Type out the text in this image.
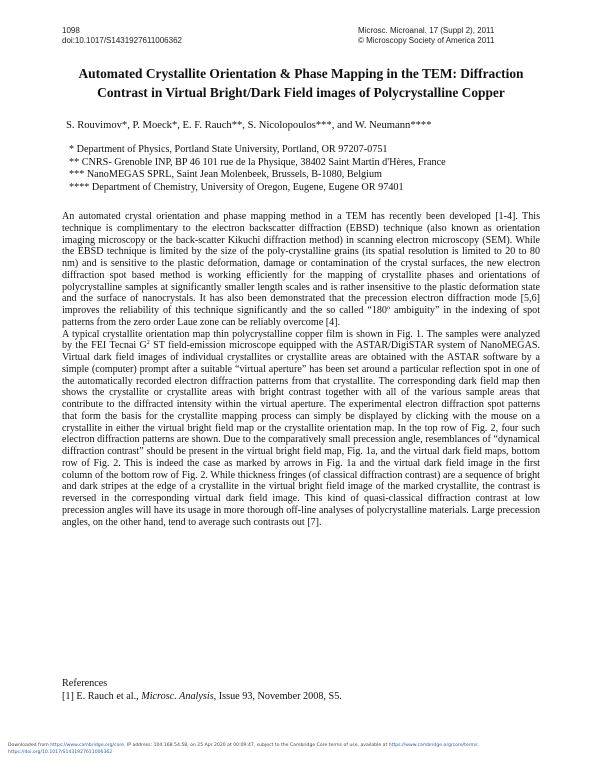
1098
doi:10.1017/S1431927611006362
Microsc. Microanal. 17 (Suppl 2), 2011
© Microscopy Society of America 2011
Automated Crystallite Orientation & Phase Mapping in the TEM: Diffraction
Contrast in Virtual Bright/Dark Field images of Polycrystalline Copper
S. Rouvimov*, P. Moeck*, E. F. Rauch**, S. Nicolopoulos***, and W. Neumann****
* Department of Physics, Portland State University, Portland, OR 97207-0751
** CNRS- Grenoble INP, BP 46 101 rue de la Physique, 38402 Saint Martin d'Hères, France
*** NanoMEGAS SPRL, Saint Jean Molenbeek, Brussels, B-1080, Belgium
**** Department of Chemistry, University of Oregon, Eugene, Eugene OR 97401

An automated crystal orientation and phase mapping method in a TEM has recently been developed [1-4]. This technique is complimentary to the electron backscatter diffraction (EBSD) technique (also known as orientation imaging microscopy or the back-scatter Kikuchi diffraction method) in scanning electron microscopy (SEM). While the EBSD technique is limited by the size of the poly-crystalline grains (its spatial resolution is limited to 20 to 80 nm) and is sensitive to the plastic deformation, damage or contamination of the crystal surfaces, the new electron diffraction spot based method is working efficiently for the mapping of crystallite phases and orientations of polycrystalline samples at significantly smaller length scales and is rather insensitive to the plastic deformation state and the surface of nanocrystals. It has also been demonstrated that the precession electron diffraction mode [5,6] improves the reliability of this technique significantly and the so called “180º ambiguity” in the indexing of spot patterns from the zero order Laue zone can be reliably overcome [4].

A typical crystallite orientation map thin polycrystalline copper film is shown in Fig. 1. The samples were analyzed by the FEI Tecnai $G^2$ ST field-emission microscope equipped with the ASTAR/DigiSTAR system of NanoMEGAS. Virtual dark field images of individual crystallites or crystallite areas are obtained with the ASTAR software by a simple (computer) prompt after a suitable “virtual aperture” has been set around a particular reflection spot in one of the automatically recorded electron diffraction patterns from that crystallite. The corresponding dark field map then shows the crystallite or crystallite areas with bright contrast together with all of the various sample areas that contribute to the diffracted intensity within the virtual aperture. The experimental electron diffraction spot patterns that form the basis for the crystallite mapping process can simply be displayed by clicking with the mouse on a crystallite in either the virtual bright field map or the crystallite orientation map. In the top row of Fig. 2, four such electron diffraction patterns are shown. Due to the comparatively small precession angle, resemblances of “dynamical diffraction contrast” should be present in the virtual bright field map, Fig. 1a, and the virtual dark field maps, bottom row of Fig. 2. This is indeed the case as marked by arrows in Fig. 1a and the virtual dark field image in the first column of the bottom row of Fig. 2. While thickness fringes (of classical diffraction contrast) are a sequence of bright and dark stripes at the edge of a crystallite in the virtual bright field image of the marked crystallite, the contrast is reversed in the corresponding virtual dark field image. This kind of quasi-classical diffraction contrast at low precession angles will have its usage in more thorough off-line analyses of polycrystalline materials. Large precession angles, on the other hand, tend to average such contrasts out [7].

References
[1] E. Rauch et al., Microsc. Analysis, Issue 93, November 2008, S5.
Downloaded from https://www.cambridge.org/core. IP address: 104.168.54.58, on 25 Apr 2020 at 00:09:47, subject to the Cambridge Core terms of use, available at https://www.cambridge.org/core/terms.
https://doi.org/10.1017/S1431927611006362
